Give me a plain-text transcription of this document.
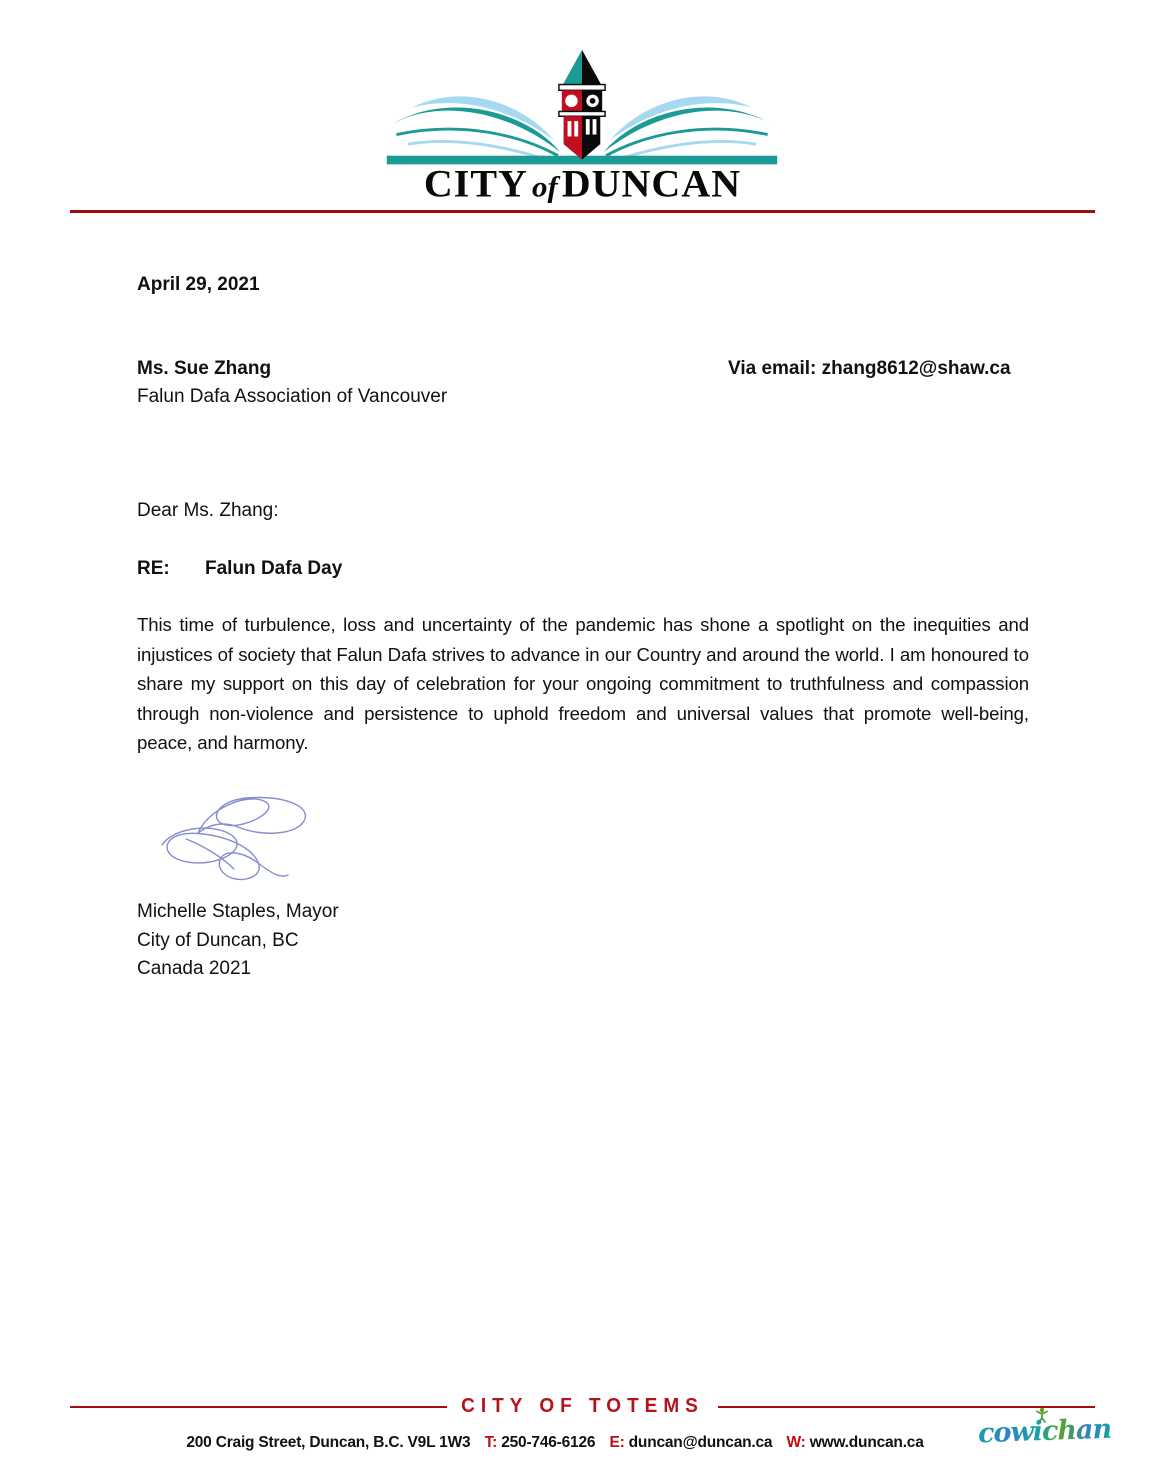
CITY of DUNCAN
April 29, 2021
Ms. Sue Zhang	Via email: zhang8612@shaw.ca
Falun Dafa Association of Vancouver
Dear Ms. Zhang:
RE: Falun Dafa Day
This time of turbulence, loss and uncertainty of the pandemic has shone a spotlight on the inequities and injustices of society that Falun Dafa strives to advance in our Country and around the world. I am honoured to share my support on this day of celebration for your ongoing commitment to truthfulness and compassion through non-violence and persistence to uphold freedom and universal values that promote well-being, peace, and harmony.
Michelle Staples, Mayor
City of Duncan, BC
Canada 2021
CITY OF TOTEMS
200 Craig Street, Duncan, B.C. V9L 1W3 T: 250-746-6126 E: duncan@duncan.ca W: www.duncan.ca	cowichan
